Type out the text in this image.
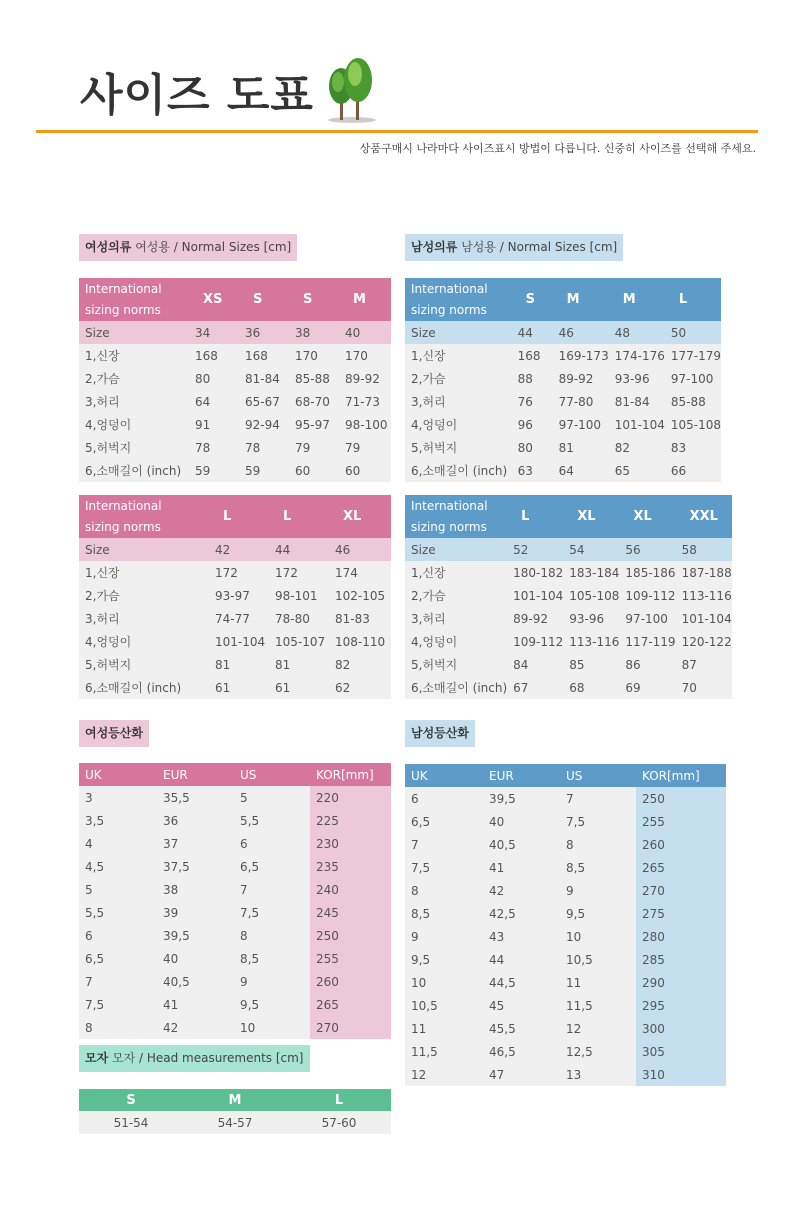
사이즈 도표
상품구매시 나라마다 사이즈표시 방법이 다릅니다. 신중히 사이즈를 선택해 주세요.
여성의류 여성용 / Normal Sizes [cm]
International
sizing norms	XS	S	S	M
Size	34	36	38	40
1,신장	168	168	170	170
2,가슴	80	81-84	85-88	89-92
3,허리	64	65-67	68-70	71-73
4,엉덩이	91	92-94	95-97	98-100
5,허벅지	78	78	79	79
6,소매길이 (inch)	59	59	60	60
International
sizing norms	L	L	XL
Size	42	44	46
1,신장	172	172	174
2,가슴	93-97	98-101	102-105
3,허리	74-77	78-80	81-83
4,엉덩이	101-104	105-107	108-110
5,허벅지	81	81	82
6,소매길이 (inch)	61	61	62
남성의류 남성용 / Normal Sizes [cm]
International
sizing norms	S	M	M	L
Size	44	46	48	50
1,신장	168	169-173	174-176	177-179
2,가슴	88	89-92	93-96	97-100
3,허리	76	77-80	81-84	85-88
4,엉덩이	96	97-100	101-104	105-108
5,허벅지	80	81	82	83
6,소매길이 (inch)	63	64	65	66
International
sizing norms	L	XL	XL	XXL
Size	52	54	56	58
1,신장	180-182	183-184	185-186	187-188
2,가슴	101-104	105-108	109-112	113-116
3,허리	89-92	93-96	97-100	101-104
4,엉덩이	109-112	113-116	117-119	120-122
5,허벅지	84	85	86	87
6,소매길이 (inch)	67	68	69	70
여성등산화
UK	EUR	US	KOR[mm]
3	35,5	5	220
3,5	36	5,5	225
4	37	6	230
4,5	37,5	6,5	235
5	38	7	240
5,5	39	7,5	245
6	39,5	8	250
6,5	40	8,5	255
7	40,5	9	260
7,5	41	9,5	265
8	42	10	270
남성등산화
UK	EUR	US	KOR[mm]
6	39,5	7	250
6,5	40	7,5	255
7	40,5	8	260
7,5	41	8,5	265
8	42	9	270
8,5	42,5	9,5	275
9	43	10	280
9,5	44	10,5	285
10	44,5	11	290
10,5	45	11,5	295
11	45,5	12	300
11,5	46,5	12,5	305
12	47	13	310
모자 모자 / Head measurements [cm]
S	M	L
51-54	54-57	57-60
